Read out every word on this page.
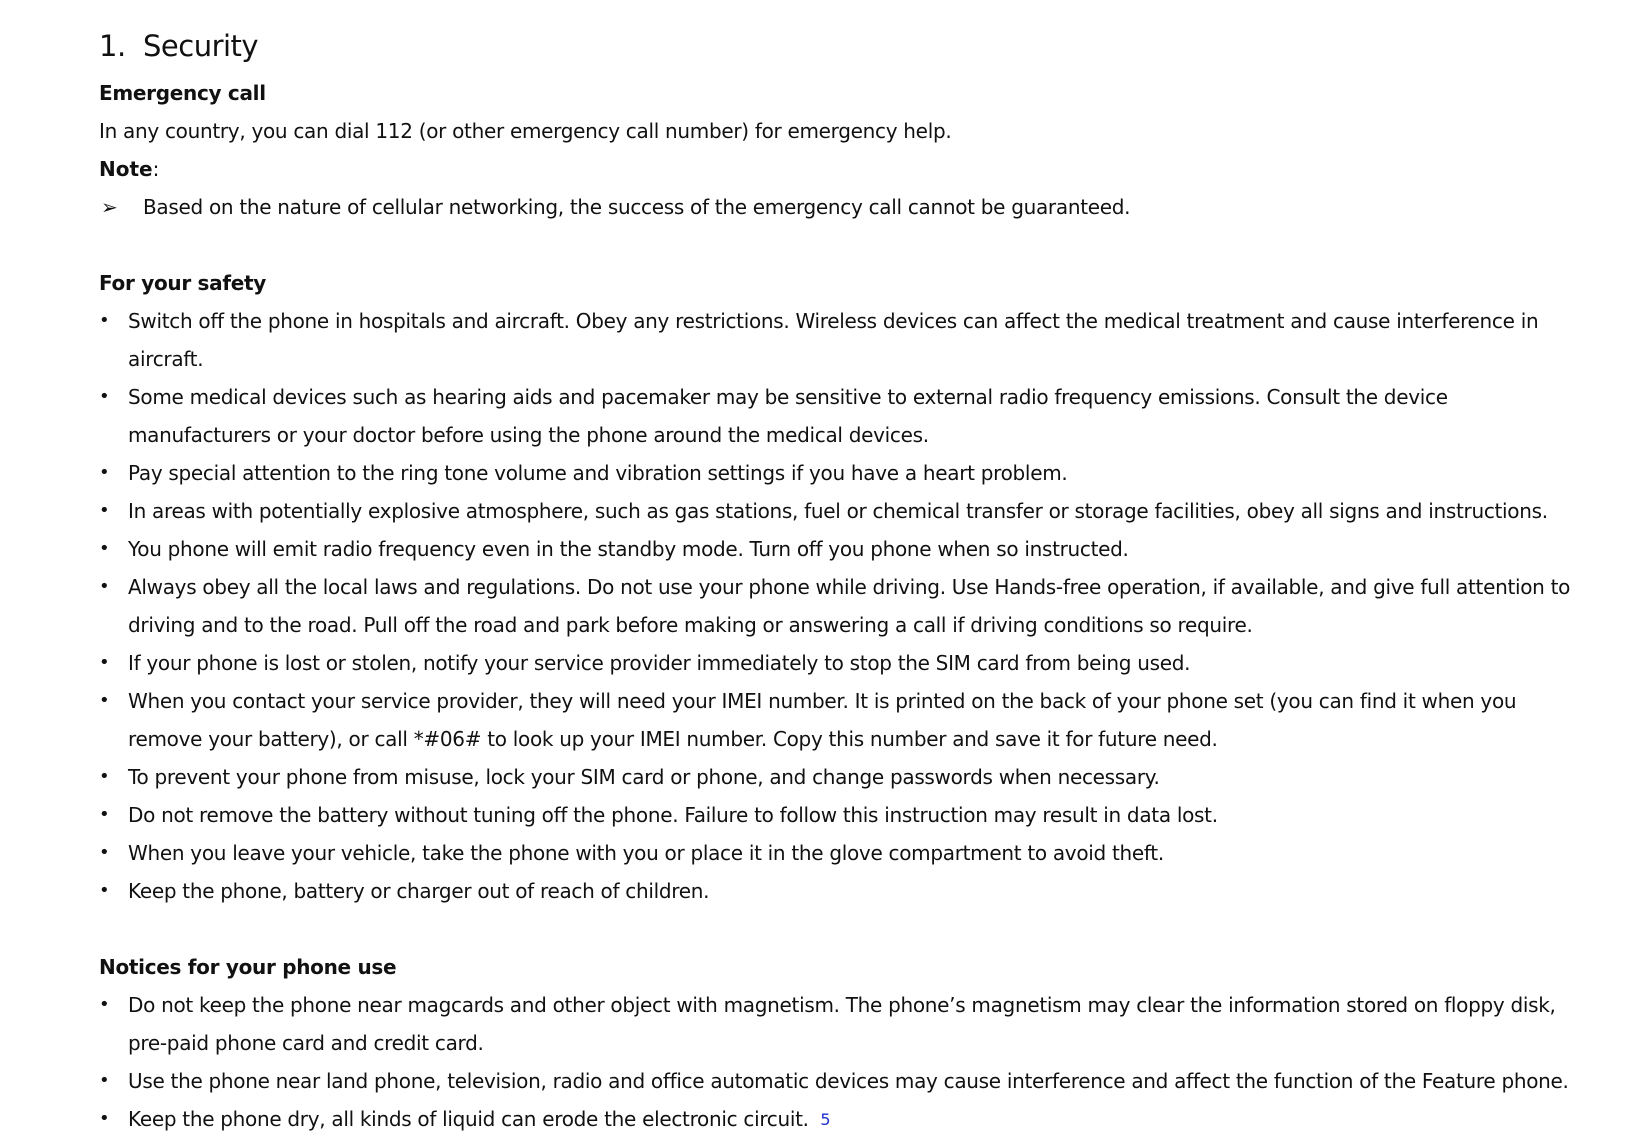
1. Security
Emergency call

In any country, you can dial 112 (or other emergency call number) for emergency help.

Note:

➢ Based on the nature of cellular networking, the success of the emergency call cannot be guaranteed.

For your safety
• Switch off the phone in hospitals and aircraft. Obey any restrictions. Wireless devices can affect the medical treatment and cause interference in aircraft.
• Some medical devices such as hearing aids and pacemaker may be sensitive to external radio frequency emissions. Consult the device manufacturers or your doctor before using the phone around the medical devices.
• Pay special attention to the ring tone volume and vibration settings if you have a heart problem.
• In areas with potentially explosive atmosphere, such as gas stations, fuel or chemical transfer or storage facilities, obey all signs and instructions.
• You phone will emit radio frequency even in the standby mode. Turn off you phone when so instructed.
• Always obey all the local laws and regulations. Do not use your phone while driving. Use Hands-free operation, if available, and give full attention to driving and to the road. Pull off the road and park before making or answering a call if driving conditions so require.
• If your phone is lost or stolen, notify your service provider immediately to stop the SIM card from being used.
• When you contact your service provider, they will need your IMEI number. It is printed on the back of your phone set (you can find it when you remove your battery), or call *#06# to look up your IMEI number. Copy this number and save it for future need.
• To prevent your phone from misuse, lock your SIM card or phone, and change passwords when necessary.
• Do not remove the battery without tuning off the phone. Failure to follow this instruction may result in data lost.
• When you leave your vehicle, take the phone with you or place it in the glove compartment to avoid theft.
• Keep the phone, battery or charger out of reach of children.
Notices for your phone use
• Do not keep the phone near magcards and other object with magnetism. The phone’s magnetism may clear the information stored on floppy disk, pre-paid phone card and credit card.
• Use the phone near land phone, television, radio and office automatic devices may cause interference and affect the function of the Feature phone.
• Keep the phone dry, all kinds of liquid can erode the electronic circuit. 5
